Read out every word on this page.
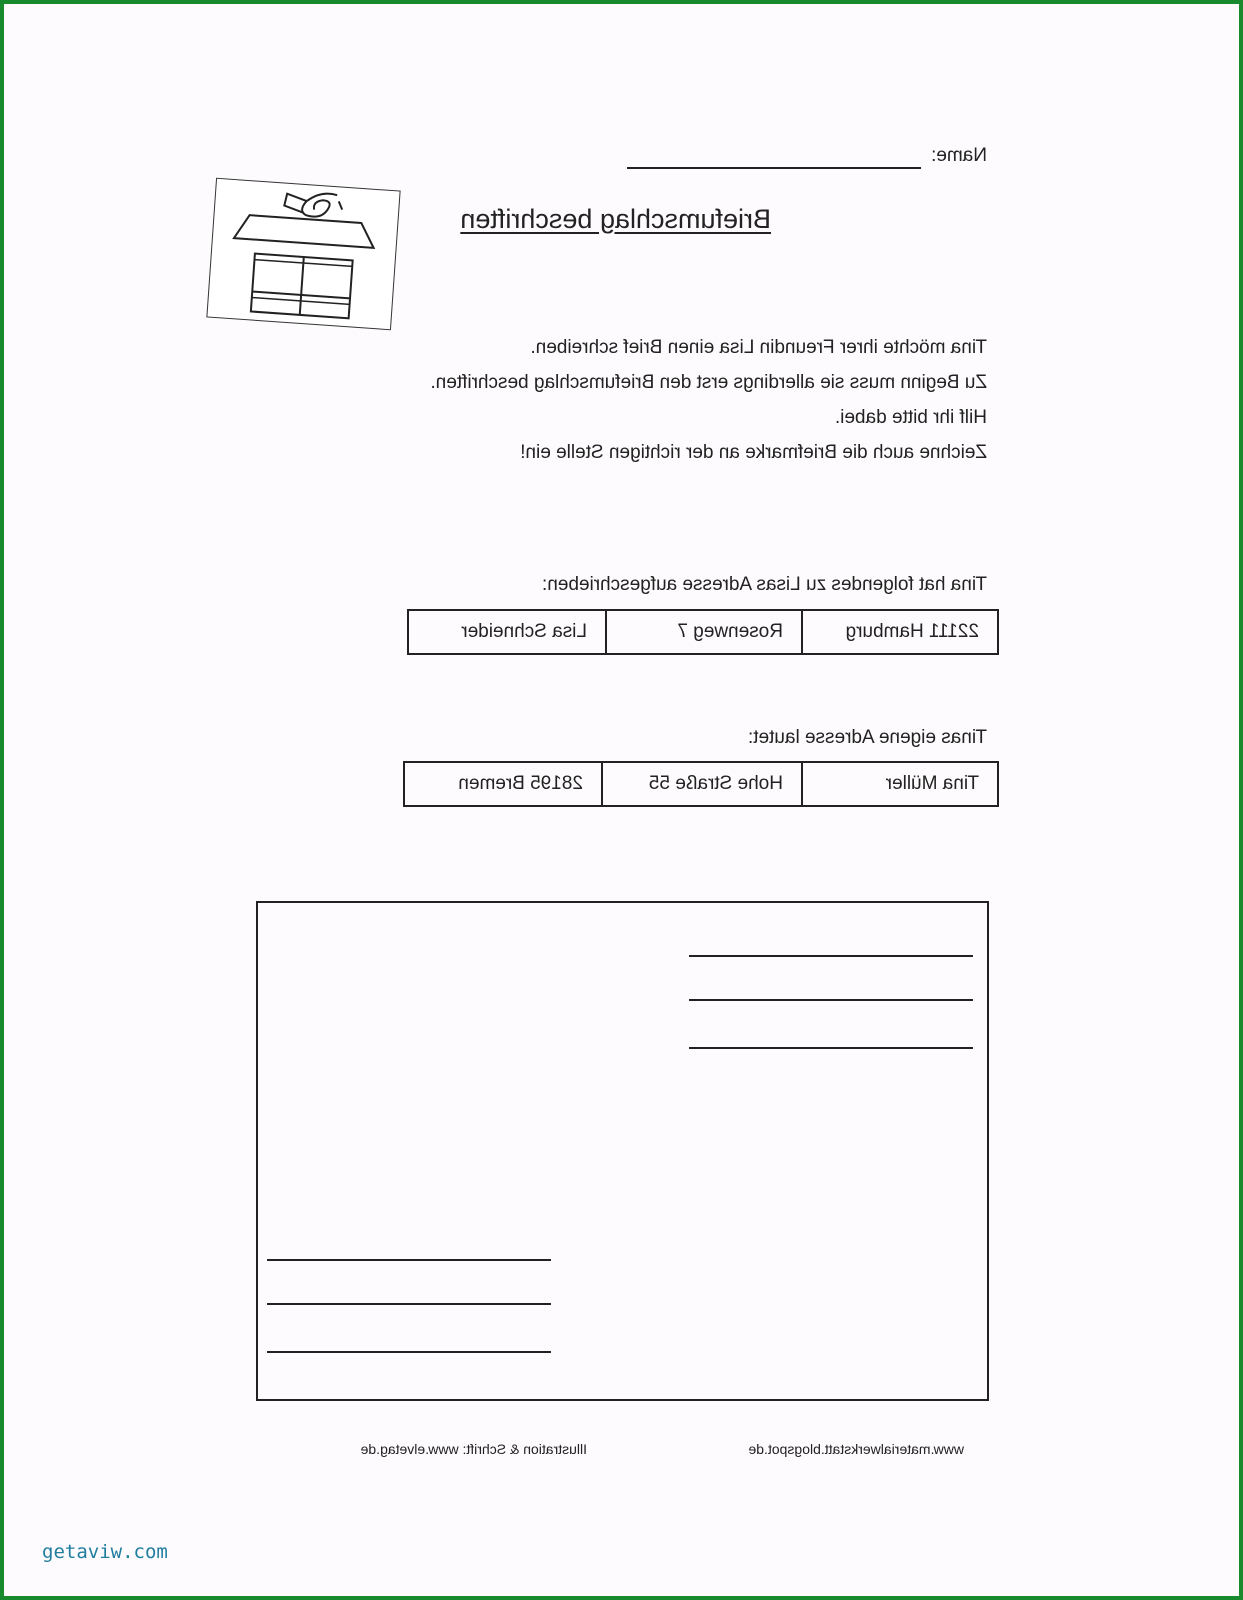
Name:
Briefumschlag beschriften

Tina möchte ihrer Freundin Lisa einen Brief schreiben.

Zu Beginn muss sie allerdings erst den Briefumschlag beschriften.

Hilf ihr bitte dabei.

Zeichne auch die Briefmarke an der richtigen Stelle ein!

Tina hat folgendes zu Lisas Adresse aufgeschrieben:
22111 Hamburg	Rosenweg 7	Lisa Schneider
Tinas eigene Adresse lautet:
Tina Müller	Hohe Straße 55	28195 Bremen
Illustration & Schrift: www.elvetag.de	www.materialwerkstatt.blogspot.de
getaviw.com
